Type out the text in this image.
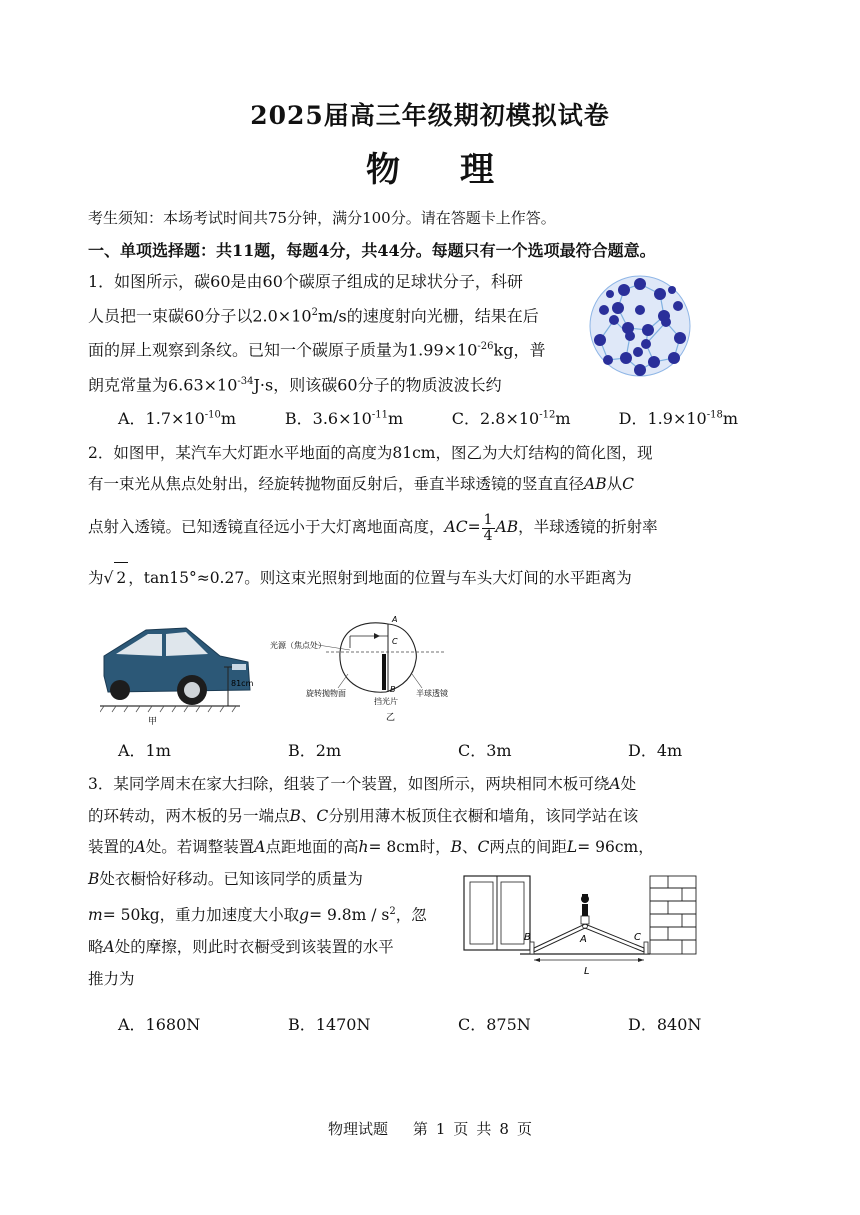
2025届高三年级期初模拟试卷
物 理
考生须知：本场考试时间共75分钟，满分100分。请在答题卡上作答。
一、单项选择题：共11题，每题4分，共44分。每题只有一个选项最符合题意。
1．如图所示，碳60是由60个碳原子组成的足球状分子，科研
人员把一束碳60分子以$2.0\times 10^2m/s$的速度射向光栅，结果在后
面的屏上观察到条纹。已知一个碳原子质量为$1.99\times 10^{-26}kg$，普
朗克常量为$6.63\times 10^{-34}J\cdot s$，则该碳60分子的物质波波长约
A．$1.7\times 10^{-10}m$	B．$3.6\times 10^{-11}m$	C．$2.8\times 10^{-12}m$	D．$1.9\times 10^{-18}m$
2．如图甲，某汽车大灯距水平地面的高度为81cm，图乙为大灯结构的简化图，现
有一束光从焦点处射出，经旋转抛物面反射后，垂直半球透镜的竖直直径AB从C
点射入透镜。已知透镜直径远小于大灯离地面高度，$AC= \frac{1}{4}$ AB，半球透镜的折射率
为√ 2 ，tan15°≈0.27。则这束光照射到地面的位置与车头大灯间的水平距离为
81cm
甲
光源（焦点处）
A
C
B
旋转抛物面
挡光片
半球透镜
乙
A．1m	B．2m	C．3m	D．4m
3．某同学周末在家大扫除，组装了一个装置，如图所示，两块相同木板可绕A处
的环转动，两木板的另一端点B、C分别用薄木板顶住衣橱和墙角，该同学站在该
装置的A处。若调整装置A点距地面的高h= 8cm时，B、C两点的间距L= 96cm，
B处衣橱恰好移动。已知该同学的质量为
m= 50kg，重力加速度大小取$g= 9.8m / s^2$，忽
略A处的摩擦，则此时衣橱受到该装置的水平
推力为
B	A	C
L
A．1680N	B．1470N	C．875N	D．840N
物理试题 第 1 页 共 8 页
